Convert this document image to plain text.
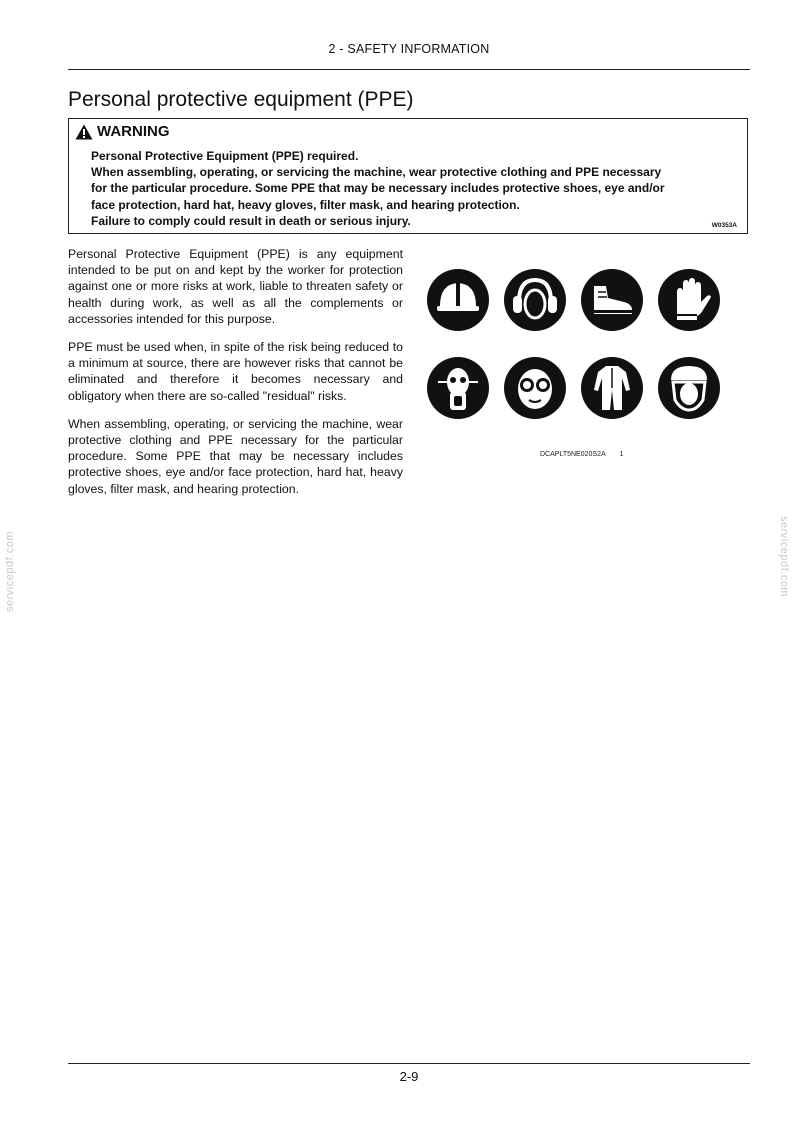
2 - SAFETY INFORMATION
Personal protective equipment (PPE)
WARNING
Personal Protective Equipment (PPE) required.
When assembling, operating, or servicing the machine, wear protective clothing and PPE necessary
for the particular procedure. Some PPE that may be necessary includes protective shoes, eye and/or
face protection, hard hat, heavy gloves, filter mask, and hearing protection.
Failure to comply could result in death or serious injury.	W0353A

Personal Protective Equipment (PPE) is any equipment intended to be put on and kept by the worker for protection against one or more risks at work, liable to threaten safety or health during work, as well as all the complements or accessories intended for this purpose.

PPE must be used when, in spite of the risk being reduced to a minimum at source, there are however risks that cannot be eliminated and therefore it becomes necessary and obligatory when there are so-called "residual" risks.

When assembling, operating, or servicing the machine, wear protective clothing and PPE necessary for the particular procedure. Some PPE that may be necessary includes protective shoes, eye and/or face protection, hard hat, heavy gloves, filter mask, and hearing protection.

DCAPLT5NE020S2A 1
servicepdf.com	servicepdf.com
2-9
